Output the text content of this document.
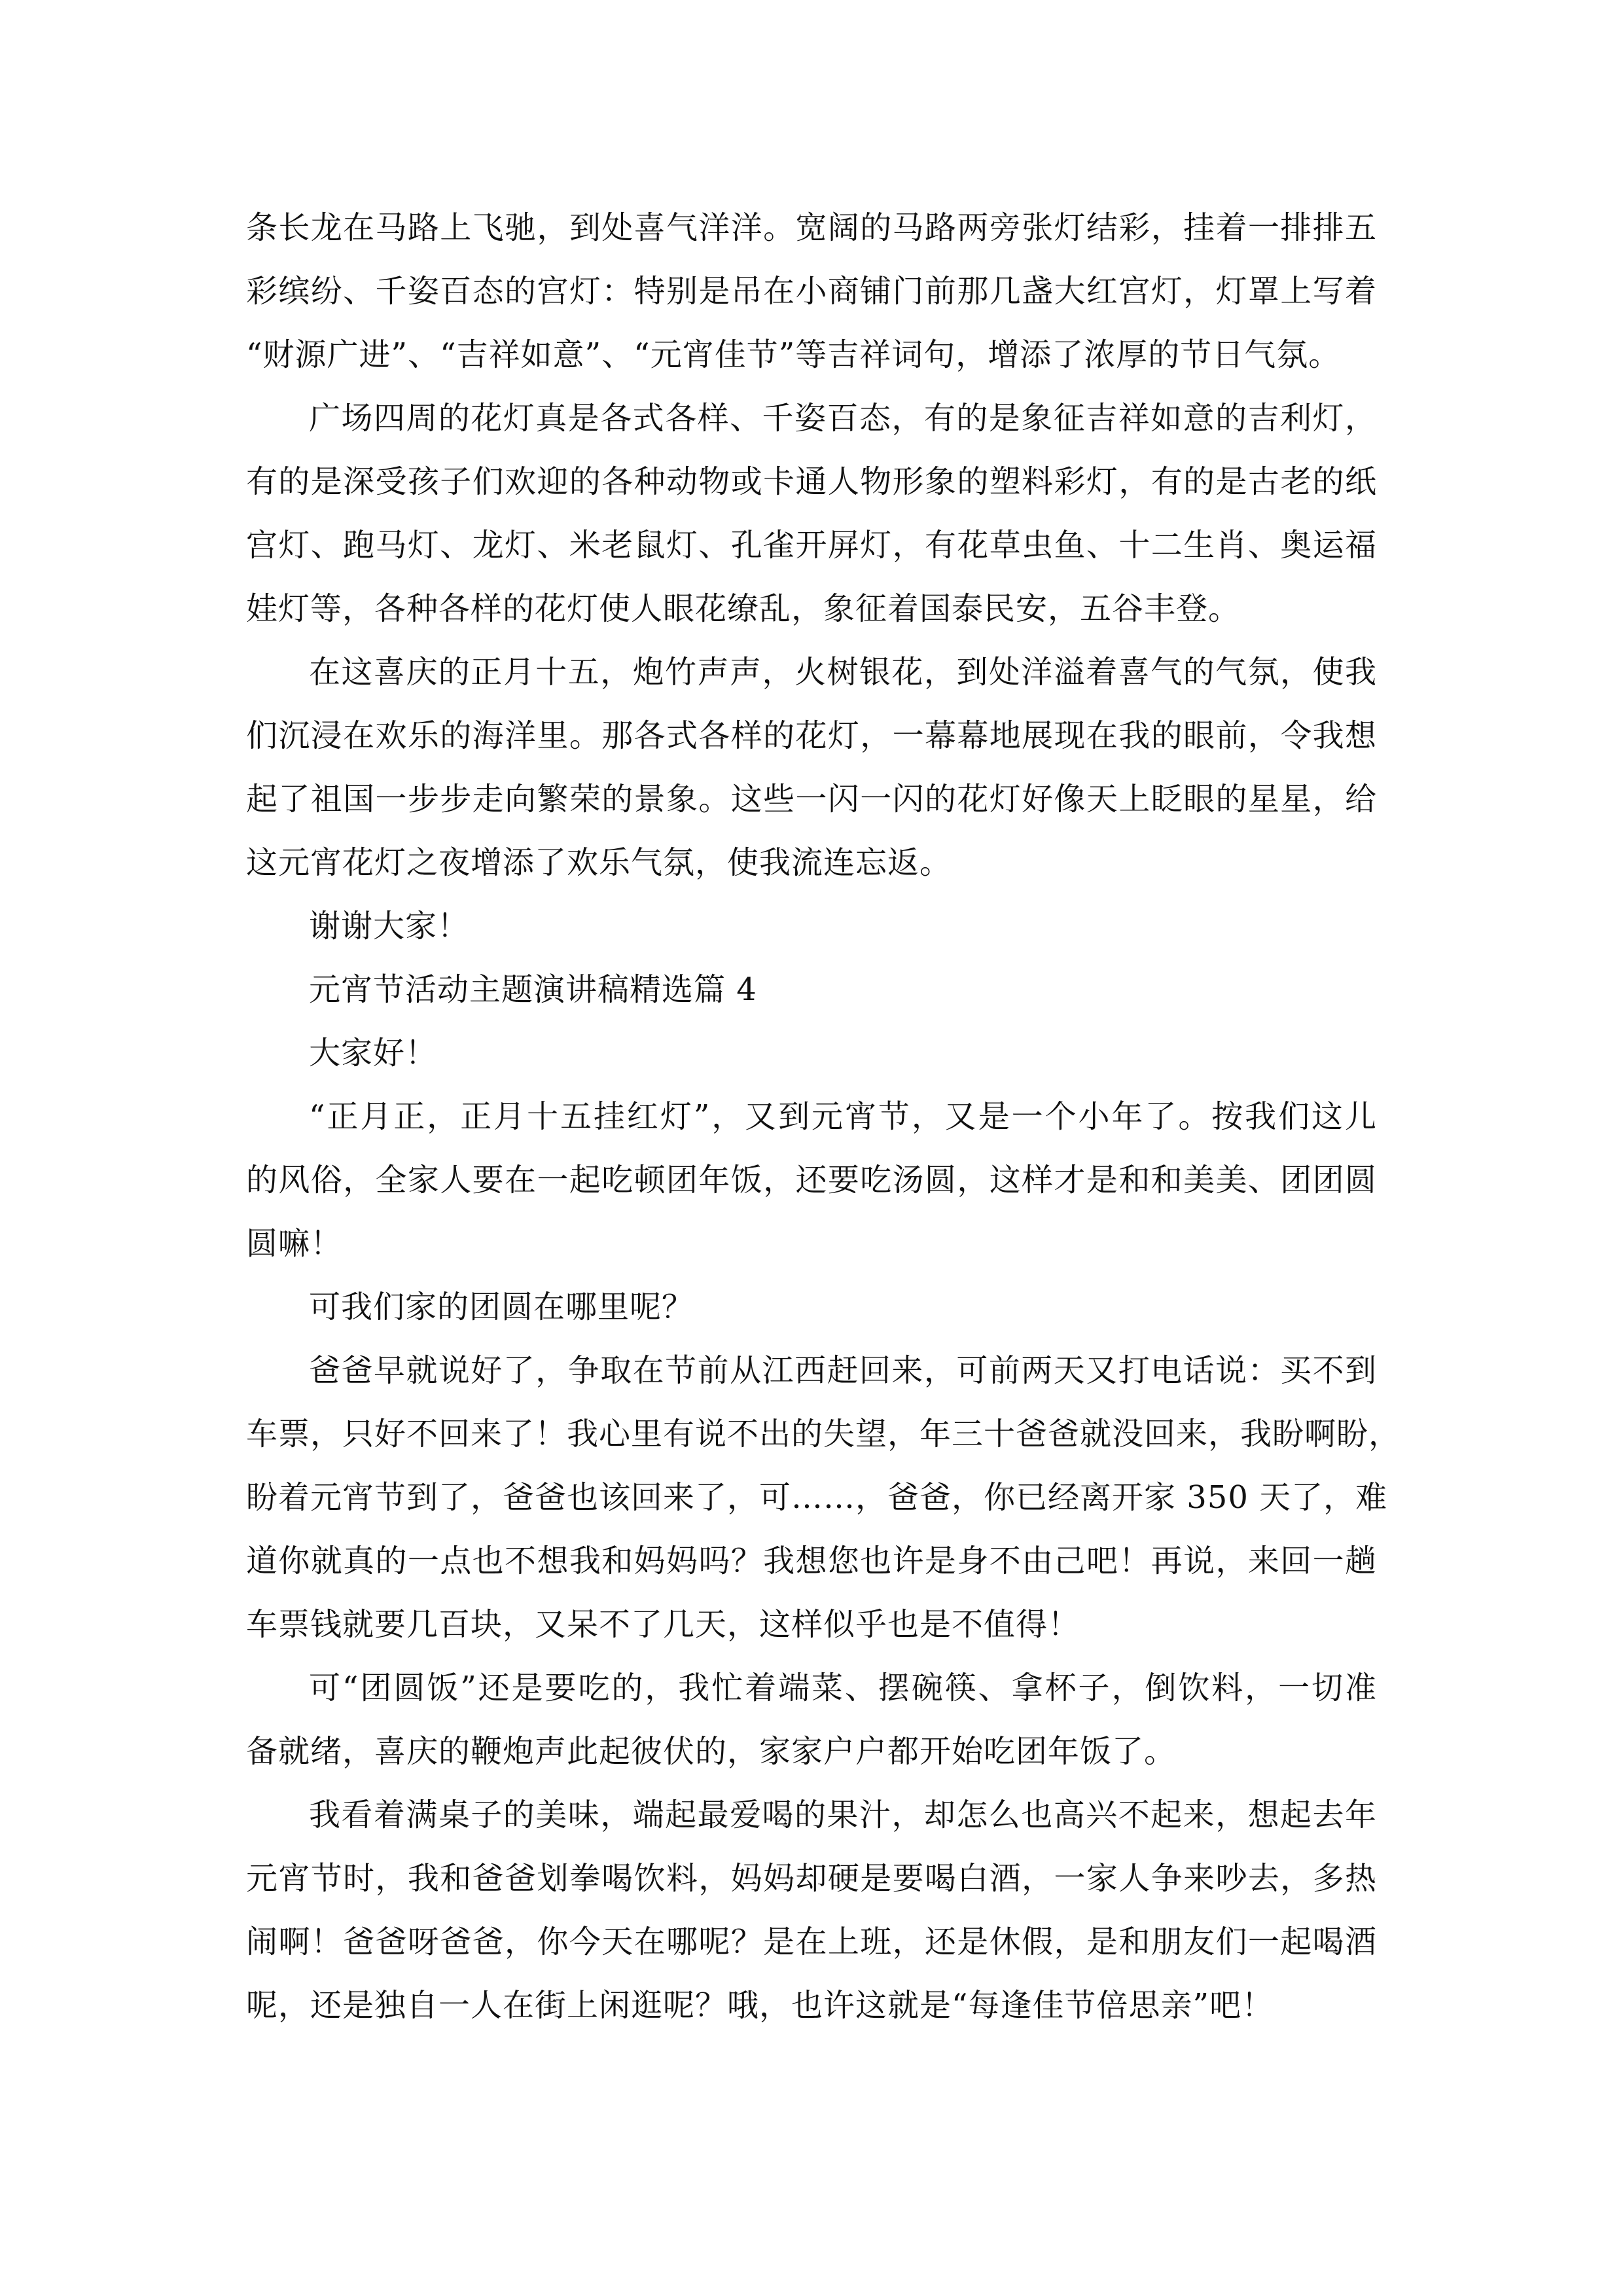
条长龙在马路上飞驰，到处喜气洋洋。宽阔的马路两旁张灯结彩，挂着一排排五
彩缤纷、千姿百态的宫灯：特别是吊在小商铺门前那几盏大红宫灯，灯罩上写着
“财源广进”、“吉祥如意”、“元宵佳节”等吉祥词句，增添了浓厚的节日气氛。
广场四周的花灯真是各式各样、千姿百态，有的是象征吉祥如意的吉利灯，
有的是深受孩子们欢迎的各种动物或卡通人物形象的塑料彩灯，有的是古老的纸
宫灯、跑马灯、龙灯、米老鼠灯、孔雀开屏灯，有花草虫鱼、十二生肖、奥运福
娃灯等，各种各样的花灯使人眼花缭乱，象征着国泰民安，五谷丰登。
在这喜庆的正月十五，炮竹声声，火树银花，到处洋溢着喜气的气氛，使我
们沉浸在欢乐的海洋里。那各式各样的花灯，一幕幕地展现在我的眼前，令我想
起了祖国一步步走向繁荣的景象。这些一闪一闪的花灯好像天上眨眼的星星，给
这元宵花灯之夜增添了欢乐气氛，使我流连忘返。
谢谢大家！
元宵节活动主题演讲稿精选篇 4
大家好！
“正月正，正月十五挂红灯”，又到元宵节，又是一个小年了。按我们这儿
的风俗，全家人要在一起吃顿团年饭，还要吃汤圆，这样才是和和美美、团团圆
圆嘛！
可我们家的团圆在哪里呢？
爸爸早就说好了，争取在节前从江西赶回来，可前两天又打电话说：买不到
车票，只好不回来了！我心里有说不出的失望，年三十爸爸就没回来，我盼啊盼，
盼着元宵节到了，爸爸也该回来了，可……，爸爸，你已经离开家 350 天了，难
道你就真的一点也不想我和妈妈吗？我想您也许是身不由己吧！再说，来回一趟
车票钱就要几百块，又呆不了几天，这样似乎也是不值得！
可“团圆饭”还是要吃的，我忙着端菜、摆碗筷、拿杯子，倒饮料，一切准
备就绪，喜庆的鞭炮声此起彼伏的，家家户户都开始吃团年饭了。
我看着满桌子的美味，端起最爱喝的果汁，却怎么也高兴不起来，想起去年
元宵节时，我和爸爸划拳喝饮料，妈妈却硬是要喝白酒，一家人争来吵去，多热
闹啊！爸爸呀爸爸，你今天在哪呢？是在上班，还是休假，是和朋友们一起喝酒
呢，还是独自一人在街上闲逛呢？哦，也许这就是“每逢佳节倍思亲”吧！
